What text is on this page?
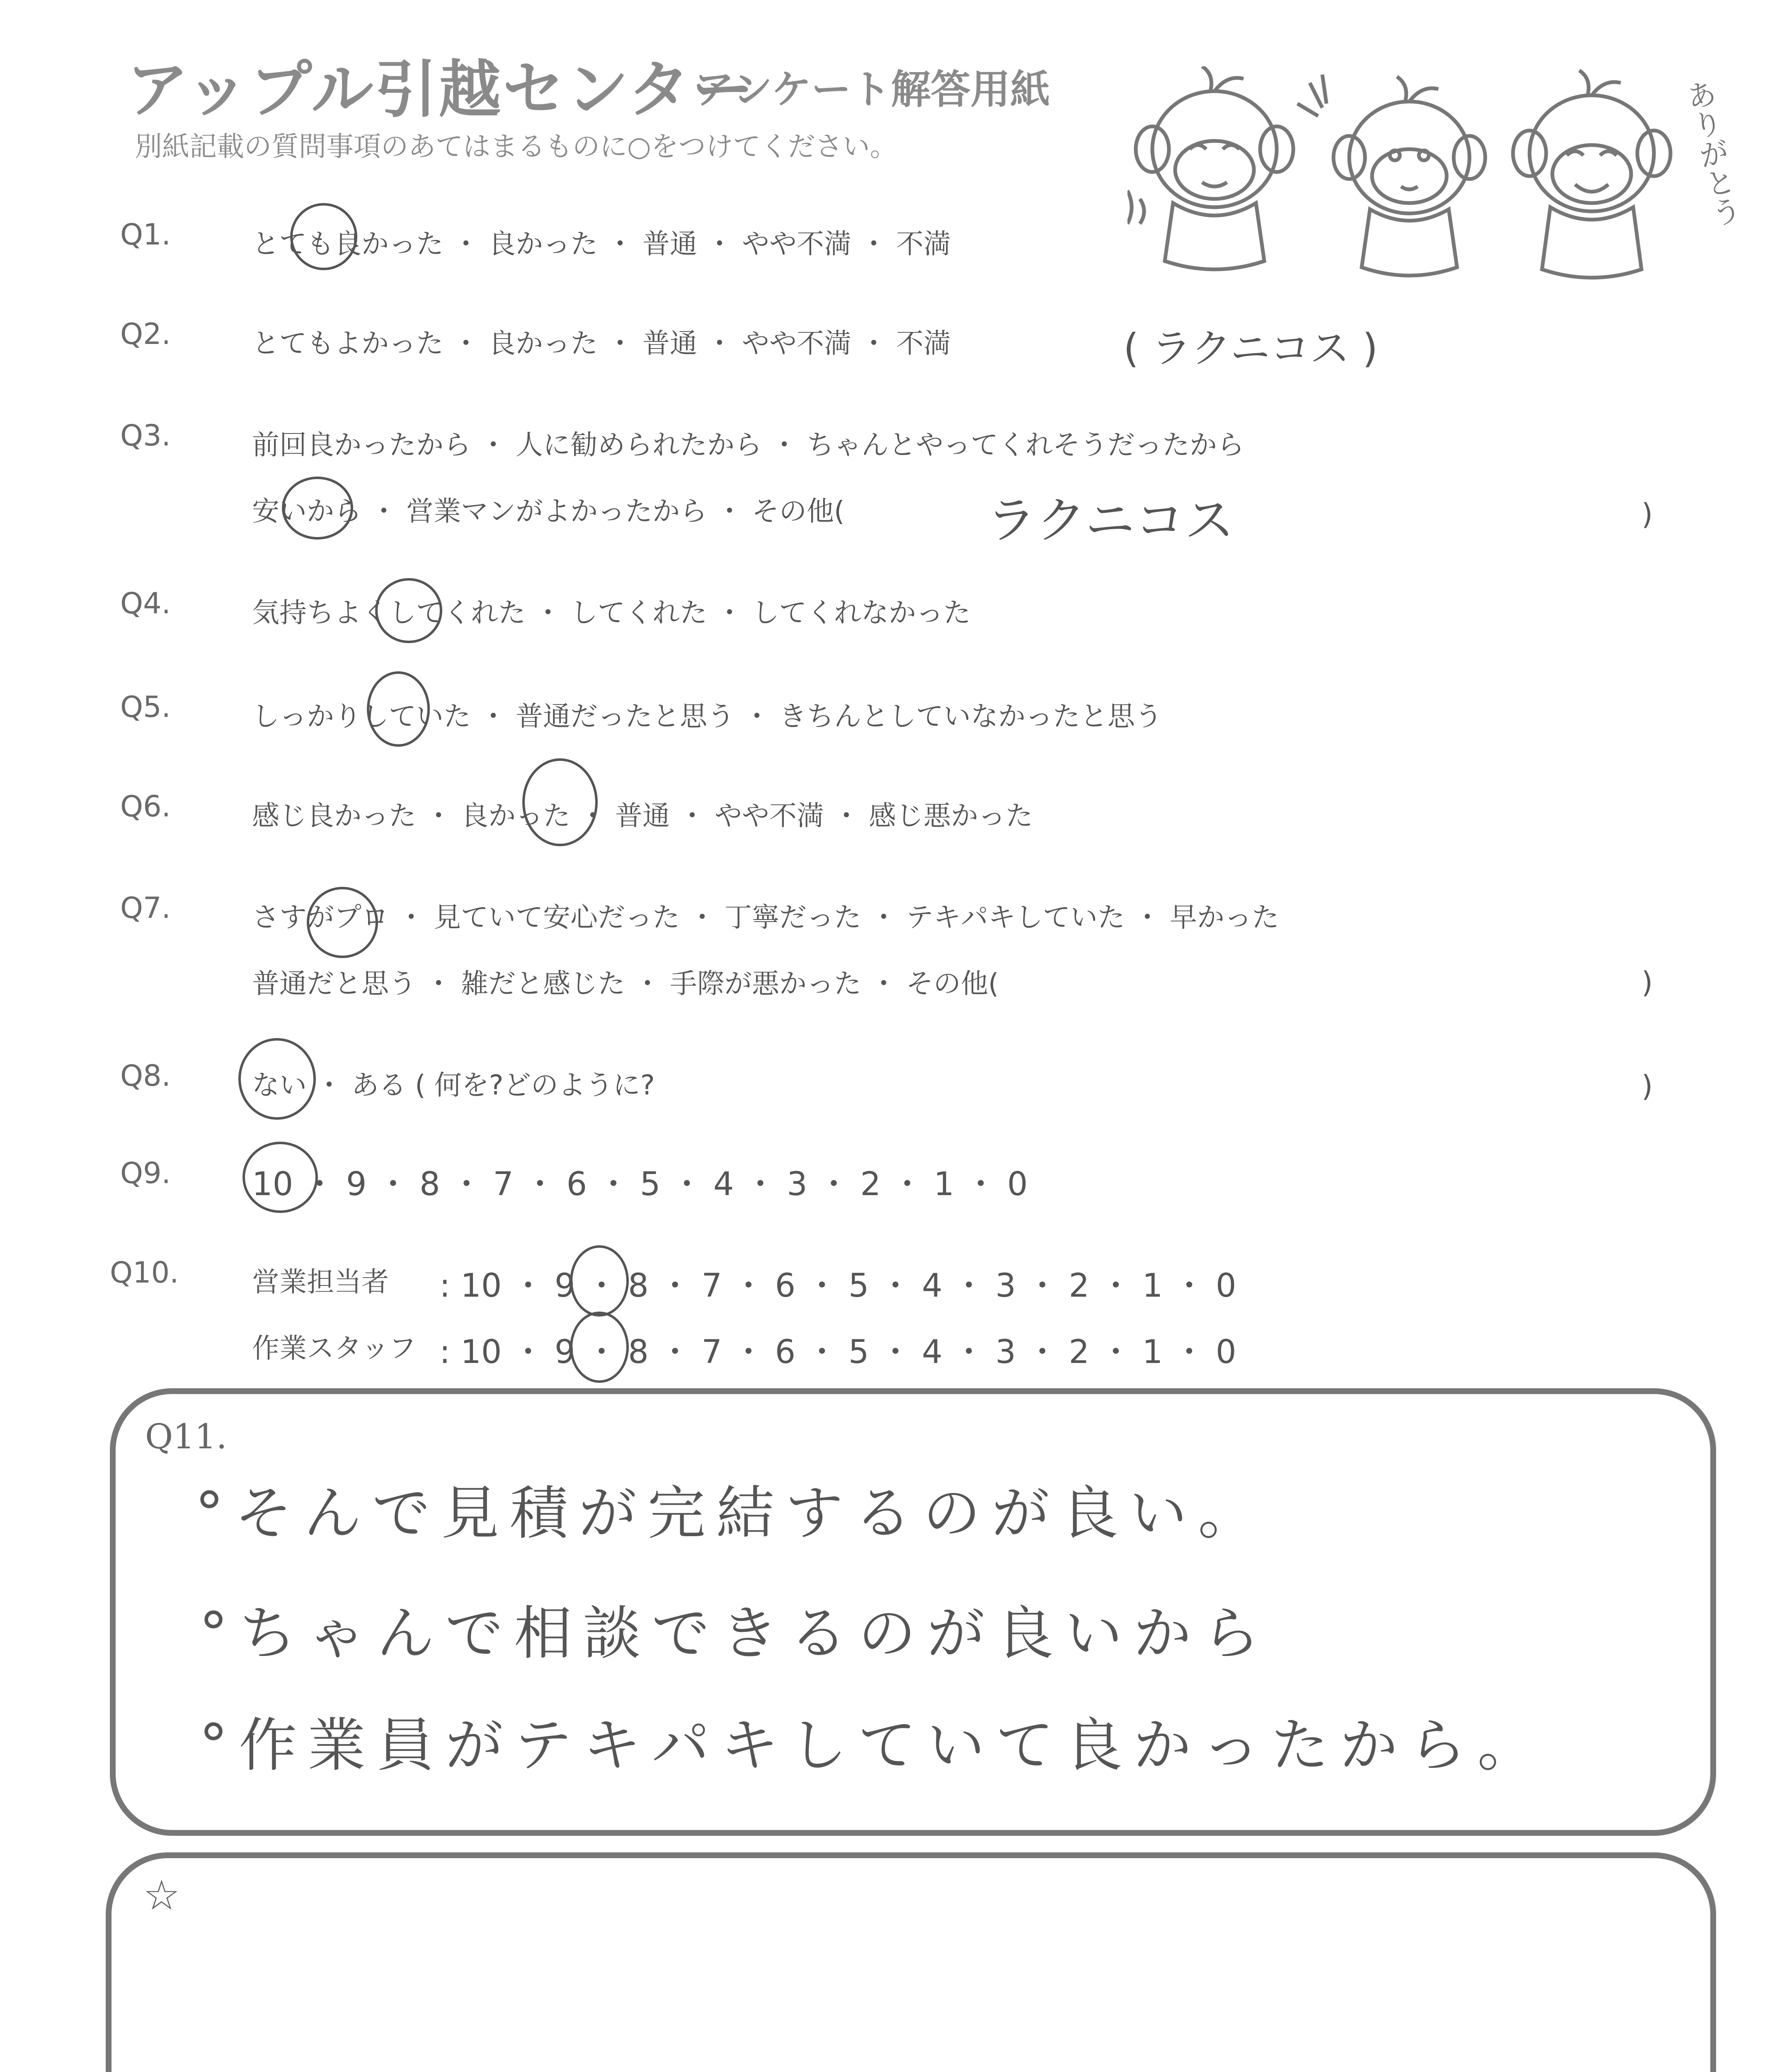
アップル引越センター
アンケート解答用紙
別紙記載の質問事項のあてはまるものに○をつけてください。	ありがとう
Q1.	とても良かった ・ 良かった ・ 普通 ・ やや不満 ・ 不満
Q2.	とてもよかった ・ 良かった ・ 普通 ・ やや不満 ・ 不満	( ラクニコス )
Q3.	前回良かったから ・ 人に勧められたから ・ ちゃんとやってくれそうだったから
安いから ・ 営業マンがよかったから ・ その他(	ラクニコス	)
Q4.	気持ちよくしてくれた ・ してくれた ・ してくれなかった
Q5.	しっかりしていた ・ 普通だったと思う ・ きちんとしていなかったと思う
Q6.	感じ良かった ・ 良かった ・ 普通 ・ やや不満 ・ 感じ悪かった
Q7.	さすがプロ ・ 見ていて安心だった ・ 丁寧だった ・ テキパキしていた ・ 早かった
普通だと思う ・ 雑だと感じた ・ 手際が悪かった ・ その他(	)
Q8.	ない ・ ある ( 何を?どのように?	)
Q9.	10 ・ 9 ・ 8 ・ 7 ・ 6 ・ 5 ・ 4 ・ 3 ・ 2 ・ 1 ・ 0
Q10.	営業担当者 : 10 ・ 9 ・ 8 ・ 7 ・ 6 ・ 5 ・ 4 ・ 3 ・ 2 ・ 1 ・ 0
作業スタッフ : 10 ・ 9 ・ 8 ・ 7 ・ 6 ・ 5 ・ 4 ・ 3 ・ 2 ・ 1 ・ 0
Q11.
°そんで見積が完結するのが良い。
°ちゃんで相談できるのが良いから
°作業員がテキパキしていて良かったから。
☆
